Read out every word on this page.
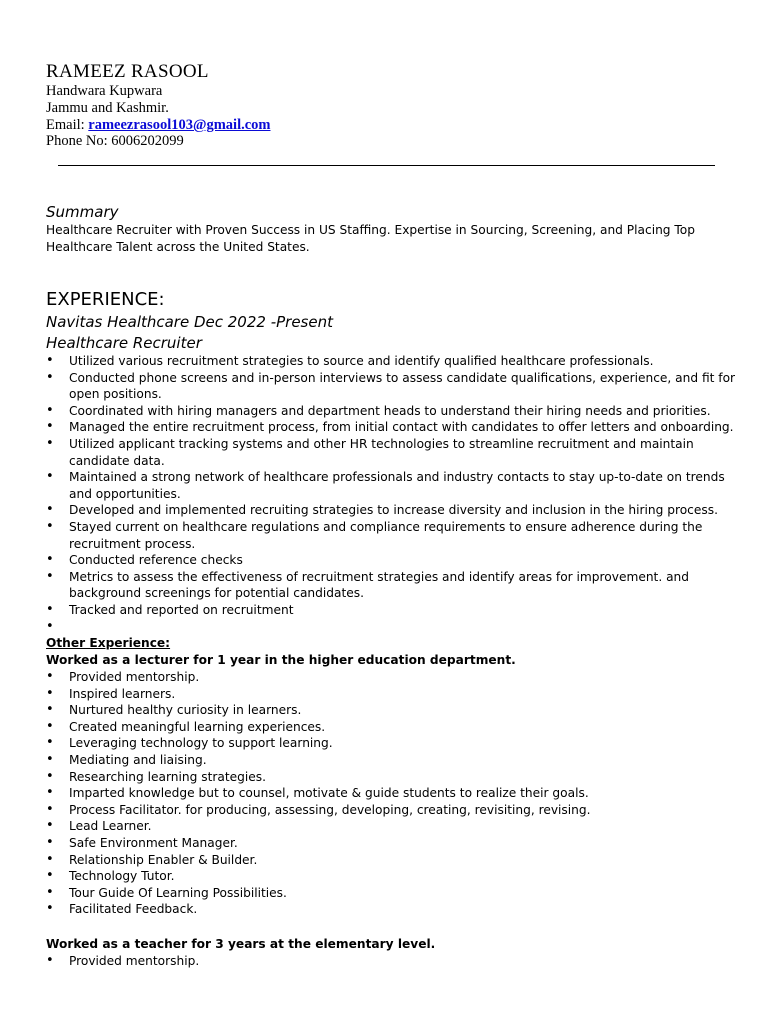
RAMEEZ RASOOL
Handwara Kupwara
Jammu and Kashmir.
Email: rameezrasool103@gmail.com
Phone No: 6006202099
Summary
Healthcare Recruiter with Proven Success in US Staffing. Expertise in Sourcing, Screening, and Placing Top Healthcare Talent across the United States.
EXPERIENCE:
Navitas Healthcare Dec 2022 -Present
Healthcare Recruiter
• Utilized various recruitment strategies to source and identify qualified healthcare professionals.
• Conducted phone screens and in-person interviews to assess candidate qualifications, experience, and fit for open positions.
• Coordinated with hiring managers and department heads to understand their hiring needs and priorities.
• Managed the entire recruitment process, from initial contact with candidates to offer letters and onboarding.
• Utilized applicant tracking systems and other HR technologies to streamline recruitment and maintain candidate data.
• Maintained a strong network of healthcare professionals and industry contacts to stay up-to-date on trends and opportunities.
• Developed and implemented recruiting strategies to increase diversity and inclusion in the hiring process.
• Stayed current on healthcare regulations and compliance requirements to ensure adherence during the recruitment process.
• Conducted reference checks
• Metrics to assess the effectiveness of recruitment strategies and identify areas for improvement. and background screenings for potential candidates.
• Tracked and reported on recruitment
•
Other Experience:
Worked as a lecturer for 1 year in the higher education department.
• Provided mentorship.
• Inspired learners.
• Nurtured healthy curiosity in learners.
• Created meaningful learning experiences.
• Leveraging technology to support learning.
• Mediating and liaising.
• Researching learning strategies.
• Imparted knowledge but to counsel, motivate & guide students to realize their goals.
• Process Facilitator. for producing, assessing, developing, creating, revisiting, revising.
• Lead Learner.
• Safe Environment Manager.
• Relationship Enabler & Builder.
• Technology Tutor.
• Tour Guide Of Learning Possibilities.
• Facilitated Feedback.
Worked as a teacher for 3 years at the elementary level.
• Provided mentorship.
